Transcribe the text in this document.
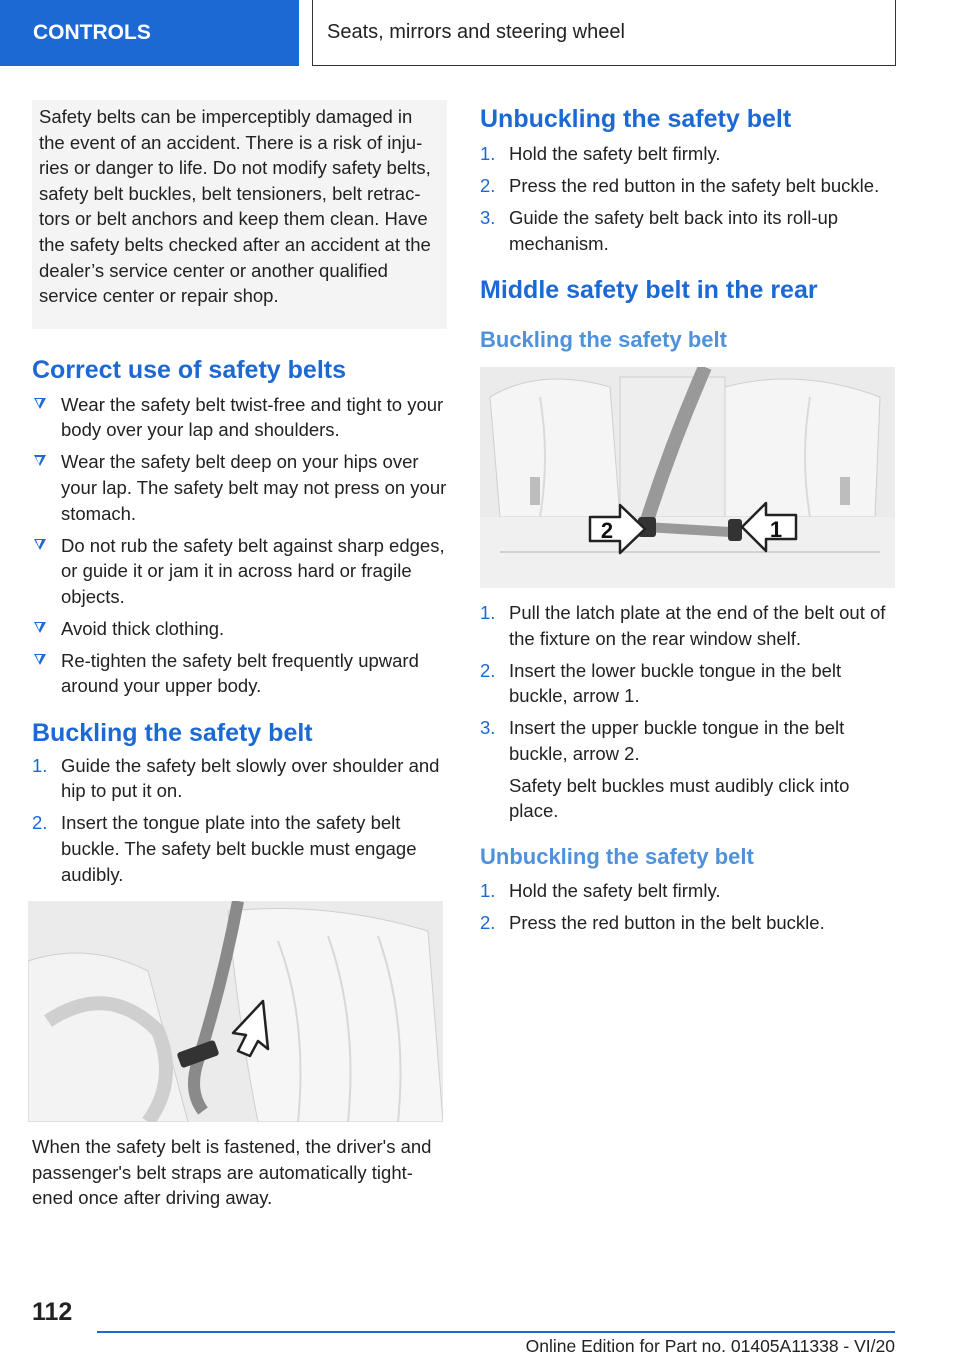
CONTROLS	Seats, mirrors and steering wheel

Safety belts can be imperceptibly damaged in the event of an accident. There is a risk of inju-ries or danger to life. Do not modify safety belts, safety belt buckles, belt tensioners, belt retrac-tors or belt anchors and keep them clean. Have the safety belts checked after an accident at the dealer’s service center or another qualified service center or repair shop.

Correct use of safety belts
Wear the safety belt twist-free and tight to your body over your lap and shoulders.
Wear the safety belt deep on your hips over your lap. The safety belt may not press on your stomach.
Do not rub the safety belt against sharp edges, or guide it or jam it in across hard or fragile objects.
Avoid thick clothing.
Re-tighten the safety belt frequently upward around your upper body.
Buckling the safety belt
1. Guide the safety belt slowly over shoulder and hip to put it on.
2. Insert the tongue plate into the safety belt buckle. The safety belt buckle must engage audibly.

When the safety belt is fastened, the driver's and passenger's belt straps are automatically tight-ened once after driving away.

Unbuckling the safety belt
1. Hold the safety belt firmly.
2. Press the red button in the safety belt buckle.
3. Guide the safety belt back into its roll-up mechanism.
Middle safety belt in the rear
Buckling the safety belt
2	1
1. Pull the latch plate at the end of the belt out of the fixture on the rear window shelf.
2. Insert the lower buckle tongue in the belt buckle, arrow 1.
3. Insert the upper buckle tongue in the belt buckle, arrow 2.

Safety belt buckles must audibly click into place.

Unbuckling the safety belt
1. Hold the safety belt firmly.
2. Press the red button in the belt buckle.
112
Online Edition for Part no. 01405A11338 - VI/20
